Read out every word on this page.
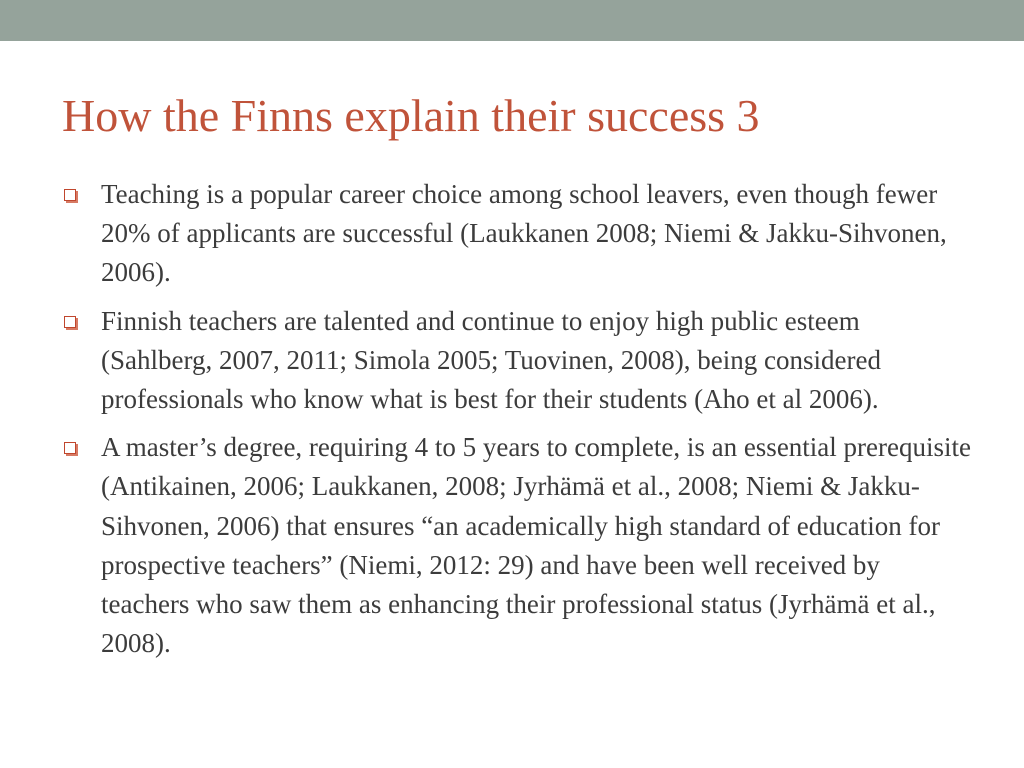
How the Finns explain their success 3
Teaching is a popular career choice among school leavers, even though fewer 20% of applicants are successful (Laukkanen 2008; Niemi & Jakku-Sihvonen, 2006).
Finnish teachers are talented and continue to enjoy high public esteem (Sahlberg, 2007, 2011; Simola 2005; Tuovinen, 2008), being considered professionals who know what is best for their students (Aho et al 2006).
A master’s degree, requiring 4 to 5 years to complete, is an essential prerequisite (Antikainen, 2006; Laukkanen, 2008; Jyrhämä et al., 2008; Niemi & Jakku-Sihvonen, 2006) that ensures “an academically high standard of education for prospective teachers” (Niemi, 2012: 29) and have been well received by teachers who saw them as enhancing their professional status (Jyrhämä et al., 2008).
